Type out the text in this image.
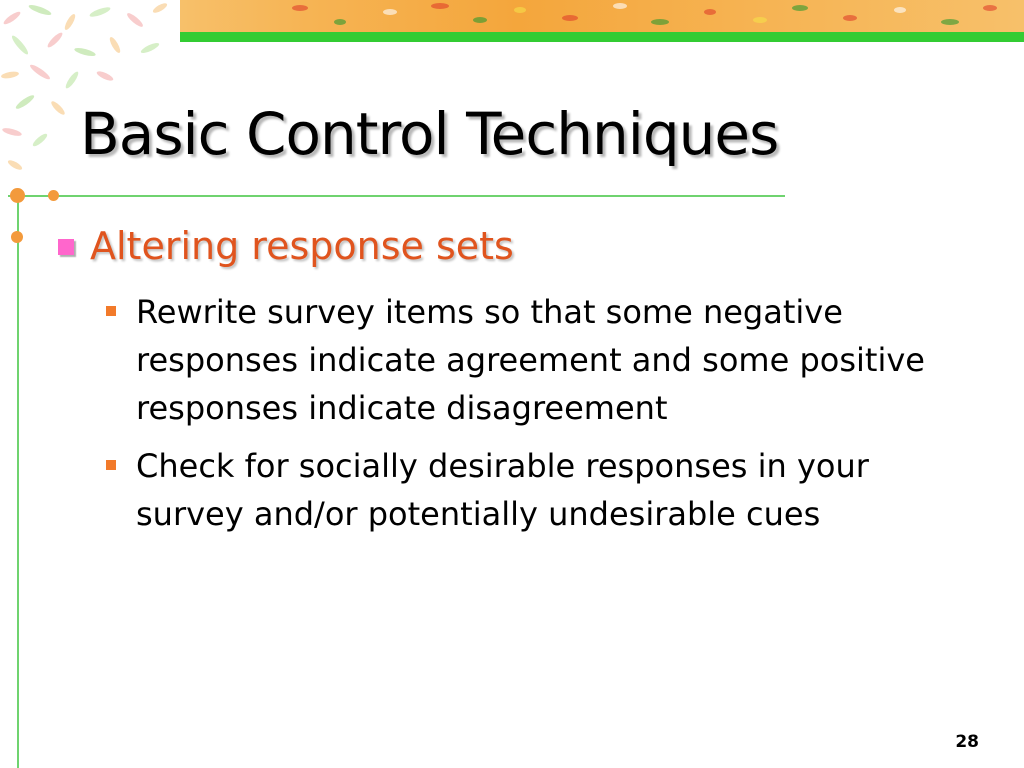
Basic Control Techniques
Altering response sets
Rewrite survey items so that some negative responses indicate agreement and some positive responses indicate disagreement
Check for socially desirable responses in your survey and/or potentially undesirable cues
28
